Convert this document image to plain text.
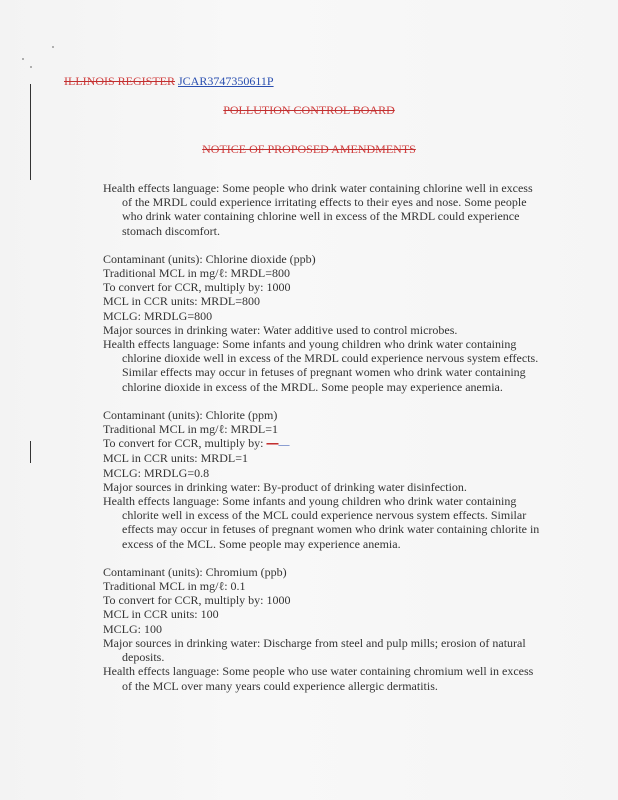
ILLINOIS REGISTER JCAR3747350611P
POLLUTION CONTROL BOARD
NOTICE OF PROPOSED AMENDMENTS

Health effects language: Some people who drink water containing chlorine well in excess of the MRDL could experience irritating effects to their eyes and nose. Some people who drink water containing chlorine well in excess of the MRDL could experience stomach discomfort.

Contaminant (units): Chlorine dioxide (ppb)

Traditional MCL in mg/ℓ: MRDL=800

To convert for CCR, multiply by: 1000

MCL in CCR units: MRDL=800

MCLG: MRDLG=800

Major sources in drinking water: Water additive used to control microbes.

Health effects language: Some infants and young children who drink water containing chlorine dioxide well in excess of the MRDL could experience nervous system effects. Similar effects may occur in fetuses of pregnant women who drink water containing chlorine dioxide in excess of the MRDL. Some people may experience anemia.

Contaminant (units): Chlorite (ppm)

Traditional MCL in mg/ℓ: MRDL=1

To convert for CCR, multiply by: ——

MCL in CCR units: MRDL=1

MCLG: MRDLG=0.8

Major sources in drinking water: By-product of drinking water disinfection.

Health effects language: Some infants and young children who drink water containing chlorite well in excess of the MCL could experience nervous system effects. Similar effects may occur in fetuses of pregnant women who drink water containing chlorite in excess of the MCL. Some people may experience anemia.

Contaminant (units): Chromium (ppb)

Traditional MCL in mg/ℓ: 0.1

To convert for CCR, multiply by: 1000

MCL in CCR units: 100

MCLG: 100

Major sources in drinking water: Discharge from steel and pulp mills; erosion of natural deposits.

Health effects language: Some people who use water containing chromium well in excess of the MCL over many years could experience allergic dermatitis.
